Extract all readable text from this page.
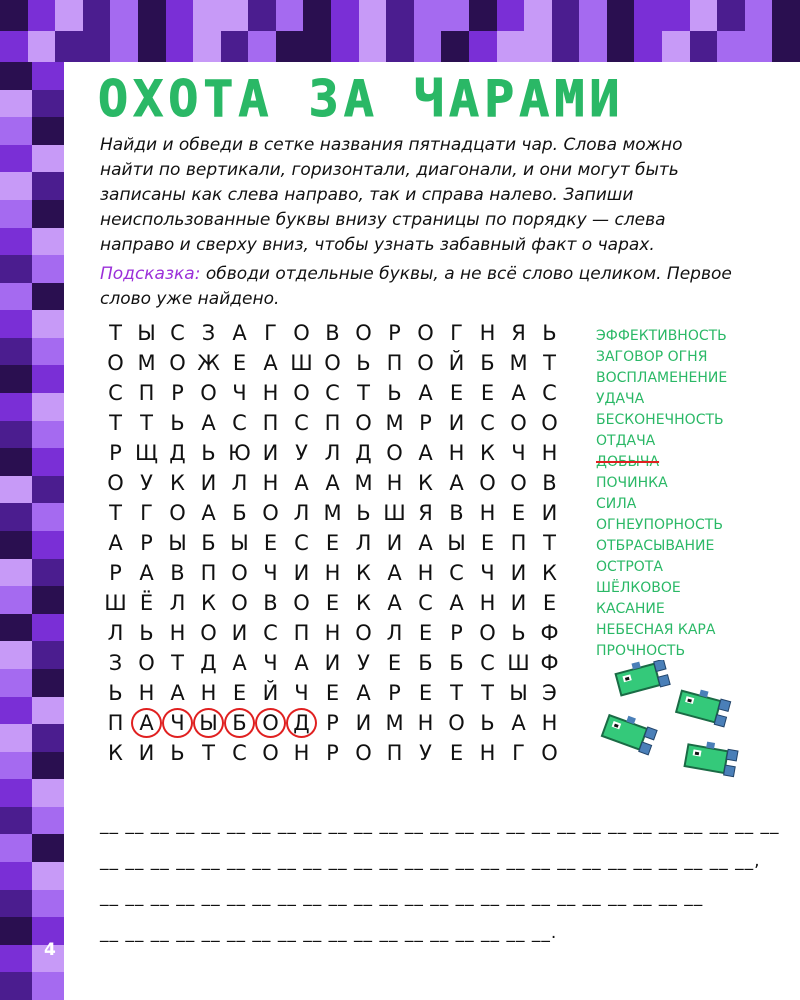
4
ОХОТА ЗА ЧАРАМИ

Найди и обведи в сетке названия пятнадцати чар. Слова можно найти по вертикали, горизонтали, диагонали, и они могут быть записаны как слева направо, так и справа налево. Запиши неиспользованные буквы внизу страницы по порядку — слева направо и сверху вниз, чтобы узнать забавный факт о чарах.

Подсказка: обводи отдельные буквы, а не всё слово целиком. Первое слово уже найдено.

Т Ы С З А Г О В О Р О Г Н Я Ь
О М О Ж Е А Ш О Ь П О Й Б М Т
С П Р О Ч Н О С Т Ь А Е Е А С
Т Т Ь А С П С П О М Р И С О О
Р Щ Д Ь Ю И У Л Д О А Н К Ч Н
О У К И Л Н А А М Н К А О О В
Т Г О А Б О Л М Ь Ш Я В Н Е И
А Р Ы Б Ы Е С Е Л И А Ы Е П Т
Р А В П О Ч И Н К А Н С Ч И К
Ш Ё Л К О В О Е К А С А Н И Е
Л Ь Н О И С П Н О Л Е Р О Ь Ф
З О Т Д А Ч А И У Е Б Б С Ш Ф
Ь Н А Н Е Й Ч Е А Р Е Т Т Ы Э
П А Ч Ы Б О Д Р И М Н О Ь А Н
К И Ь Т С О Н Р О П У Е Н Г О
ЭФФЕКТИВНОСТЬ
ЗАГОВОР ОГНЯ
ВОСПЛАМЕНЕНИЕ
УДАЧА
БЕСКОНЕЧНОСТЬ
ОТДАЧА
ДОБЫЧА
ПОЧИНКА
СИЛА
ОГНЕУПОРНОСТЬ
ОТБРАСЫВАНИЕ
ОСТРОТА
ШЁЛКОВОЕ
КАСАНИЕ
НЕБЕСНАЯ КАРА
ПРОЧНОСТЬ
__ __ __ __ __ __ __ __ __ __ __ __ __ __ __ __ __ __ __ __ __ __ __ __ __ __ __
__ __ __ __ __ __ __ __ __ __ __ __ __ __ __ __ __ __ __ __ __ __ __ __ __ __,
__ __ __ __ __ __ __ __ __ __ __ __ __ __ __ __ __ __ __ __ __ __ __ __
__ __ __ __ __ __ __ __ __ __ __ __ __ __ __ __ __ __.
